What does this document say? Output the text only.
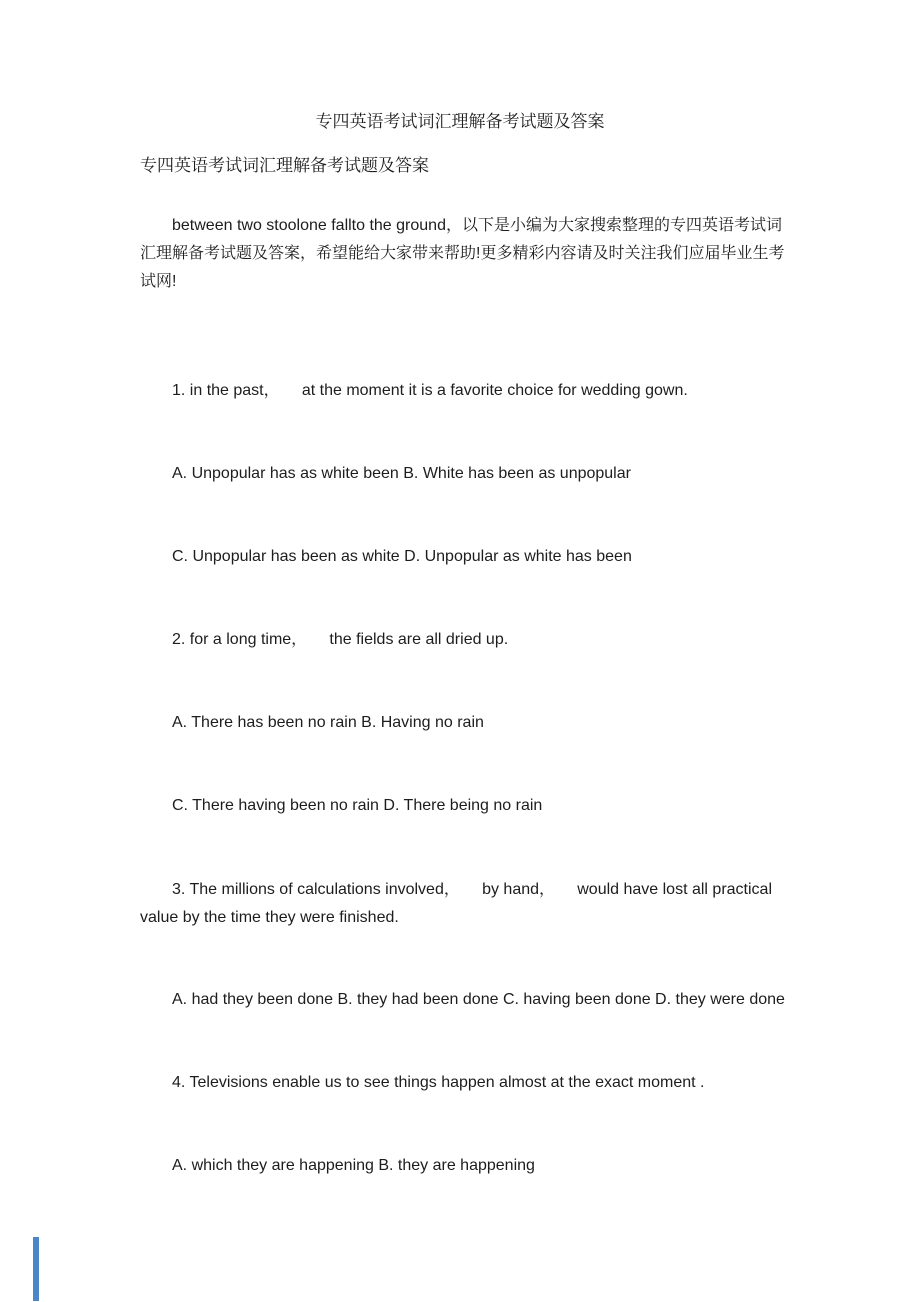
专四英语考试词汇理解备考试题及答案
专四英语考试词汇理解备考试题及答案
between two stoolone fallto the ground，以下是小编为大家搜索整理的专四英语考试词汇理解备考试题及答案，希望能给大家带来帮助!更多精彩内容请及时关注我们应届毕业生考试网!
1. in the past，     at the moment it is a favorite choice for wedding gown.
A. Unpopular has as white been B. White has been as unpopular
C. Unpopular has been as white D. Unpopular as white has been
2. for a long time，     the fields are all dried up.
A. There has been no rain B. Having no rain
C. There having been no rain D. There being no rain
3. The millions of calculations involved，     by hand，     would have lost all practical value by the time they were finished.
A. had they been done B. they had been done C. having been done D. they were done
4. Televisions enable us to see things happen almost at the exact moment .
A. which they are happening B. they are happening
